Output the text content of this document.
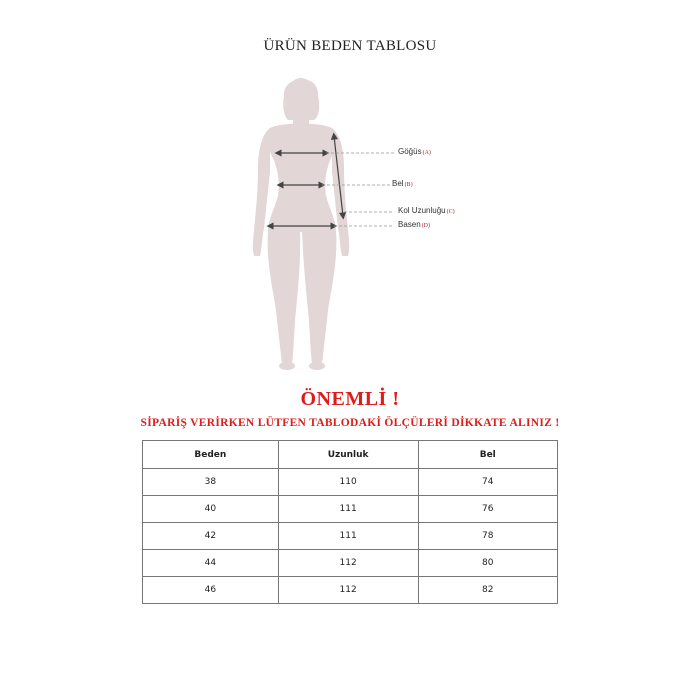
ÜRÜN BEDEN TABLOSU
Göğüs(A)
Bel(B)
Kol Uzunluğu(C)
Basen(D)
ÖNEMLİ !
SİPARİŞ VERİRKEN LÜTFEN TABLODAKİ ÖLÇÜLERİ DİKKATE ALINIZ !
Beden	Uzunluk	Bel
38	110	74
40	111	76
42	111	78
44	112	80
46	112	82
